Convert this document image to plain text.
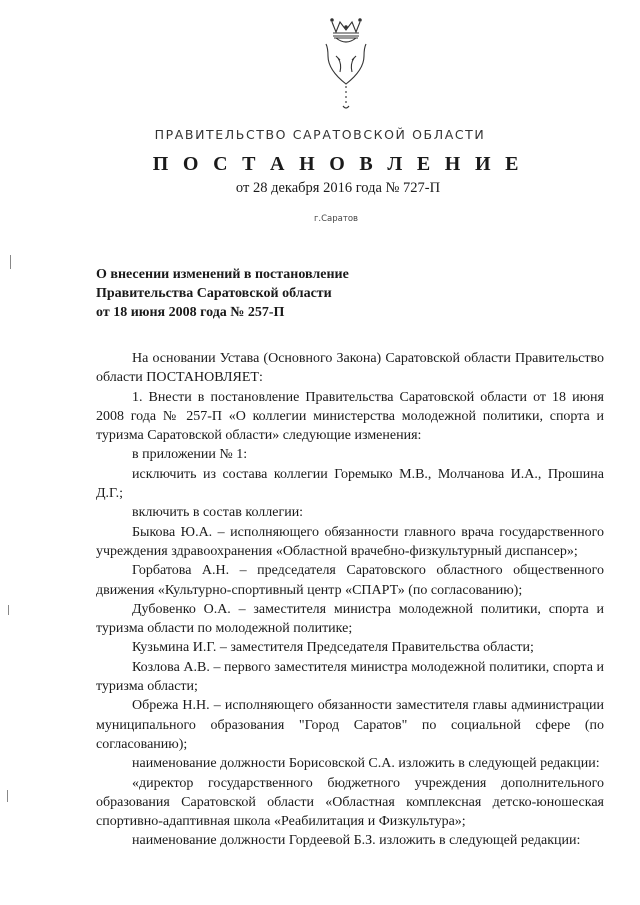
ПРАВИТЕЛЬСТВО САРАТОВСКОЙ ОБЛАСТИ
П О С Т А Н О В Л Е Н И Е
от 28 декабря 2016 года № 727-П
г.Саратов
О внесении изменений в постановление
Правительства Саратовской области
от 18 июня 2008 года № 257-П

На основании Устава (Основного Закона) Саратовской области Правительство области ПОСТАНОВЛЯЕТ:

1. Внести в постановление Правительства Саратовской области от 18 июня 2008 года № 257-П «О коллегии министерства молодежной политики, спорта и туризма Саратовской области» следующие изменения:

в приложении № 1:

исключить из состава коллегии Горемыко М.В., Молчанова И.А., Прошина Д.Г.;

включить в состав коллегии:

Быкова Ю.А. – исполняющего обязанности главного врача государственного учреждения здравоохранения «Областной врачебно-физкультурный диспансер»;

Горбатова А.Н. – председателя Саратовского областного общественного движения «Культурно-спортивный центр «СПАРТ» (по согласованию);

Дубовенко О.А. – заместителя министра молодежной политики, спорта и туризма области по молодежной политике;

Кузьмина И.Г. – заместителя Председателя Правительства области;

Козлова А.В. – первого заместителя министра молодежной политики, спорта и туризма области;

Обрежа Н.Н. – исполняющего обязанности заместителя главы администрации муниципального образования "Город Саратов" по социальной сфере (по согласованию);

наименование должности Борисовской С.А. изложить в следующей редакции:

«директор государственного бюджетного учреждения дополнительного образования Саратовской области «Областная комплексная детско-юношеская спортивно-адаптивная школа «Реабилитация и Физкультура»;

наименование должности Гордеевой Б.З. изложить в следующей редакции:
